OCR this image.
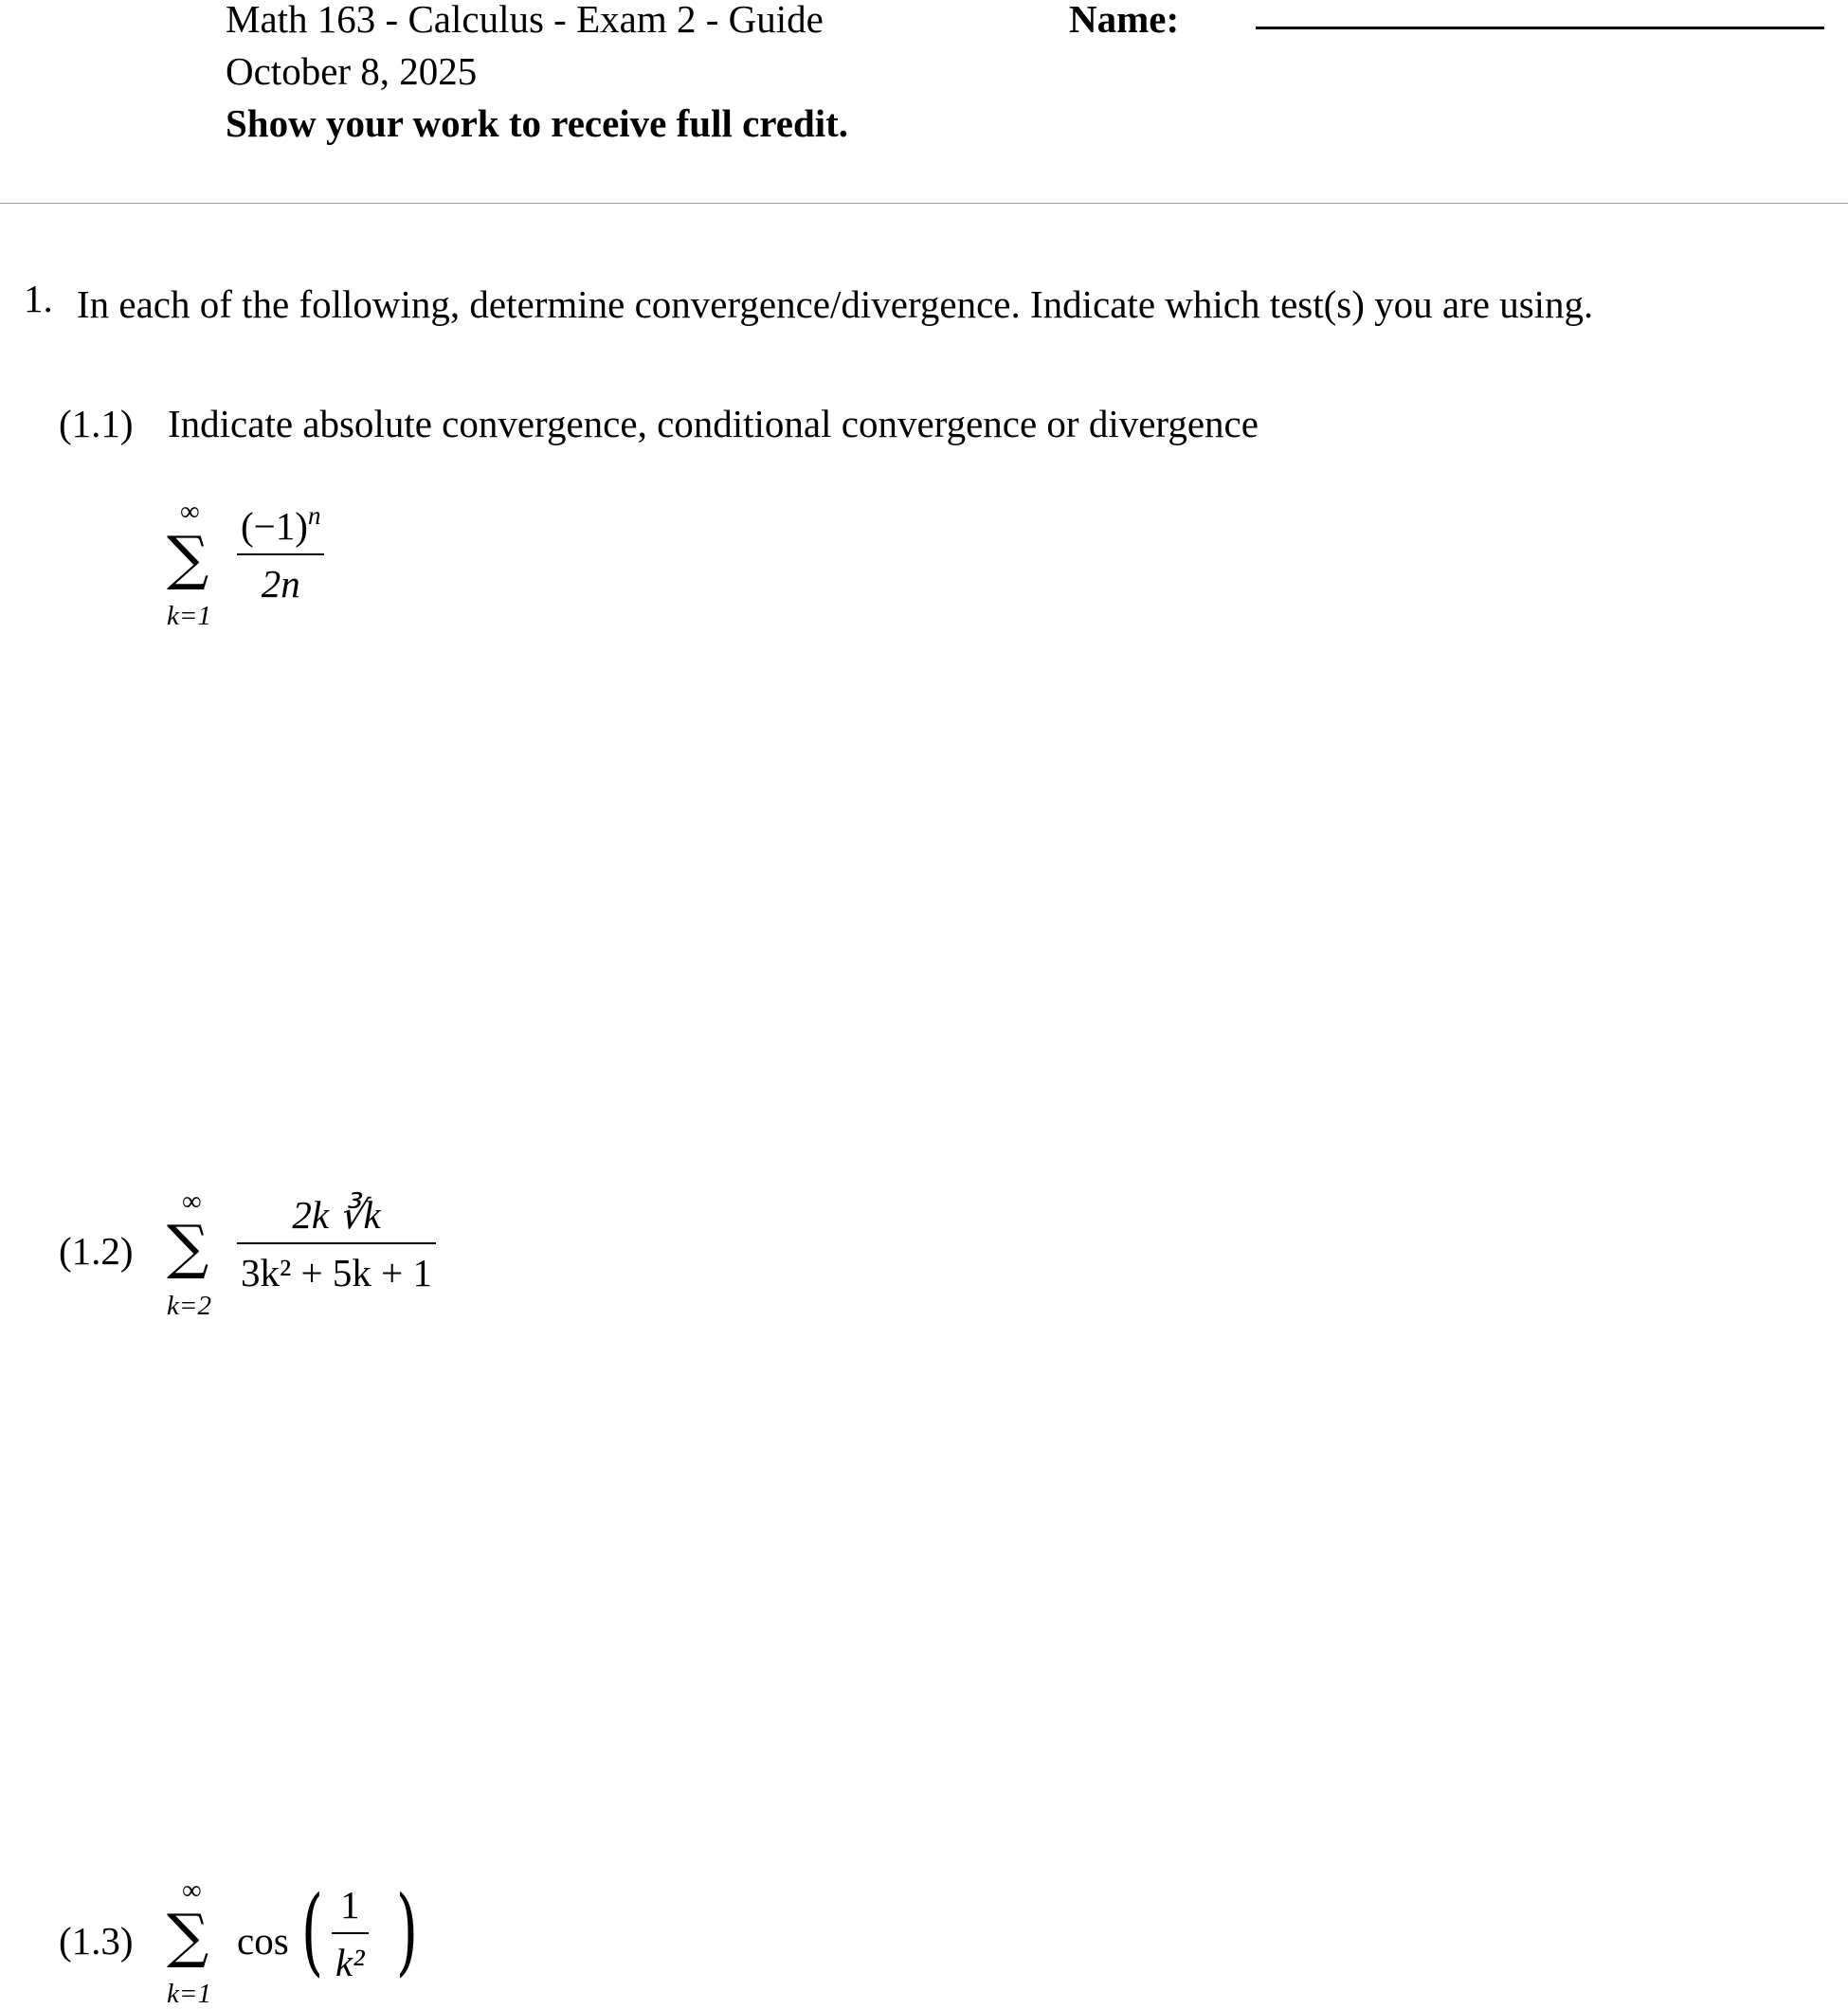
Math 163 - Calculus - Exam 2 - Guide	Name:
October 8, 2025
Show your work to receive full credit.
1. In each of the following, determine convergence/divergence. Indicate which test(s) you are using.
(1.1) Indicate absolute convergence, conditional convergence or divergence
∞
∑
k=1
$(-1)^n$
2n
(1.2)
∞
∑
k=2
2k ∛k
3k² + 5k + 1
(1.3)
∞
∑
k=1
cos ( 1
k² )
